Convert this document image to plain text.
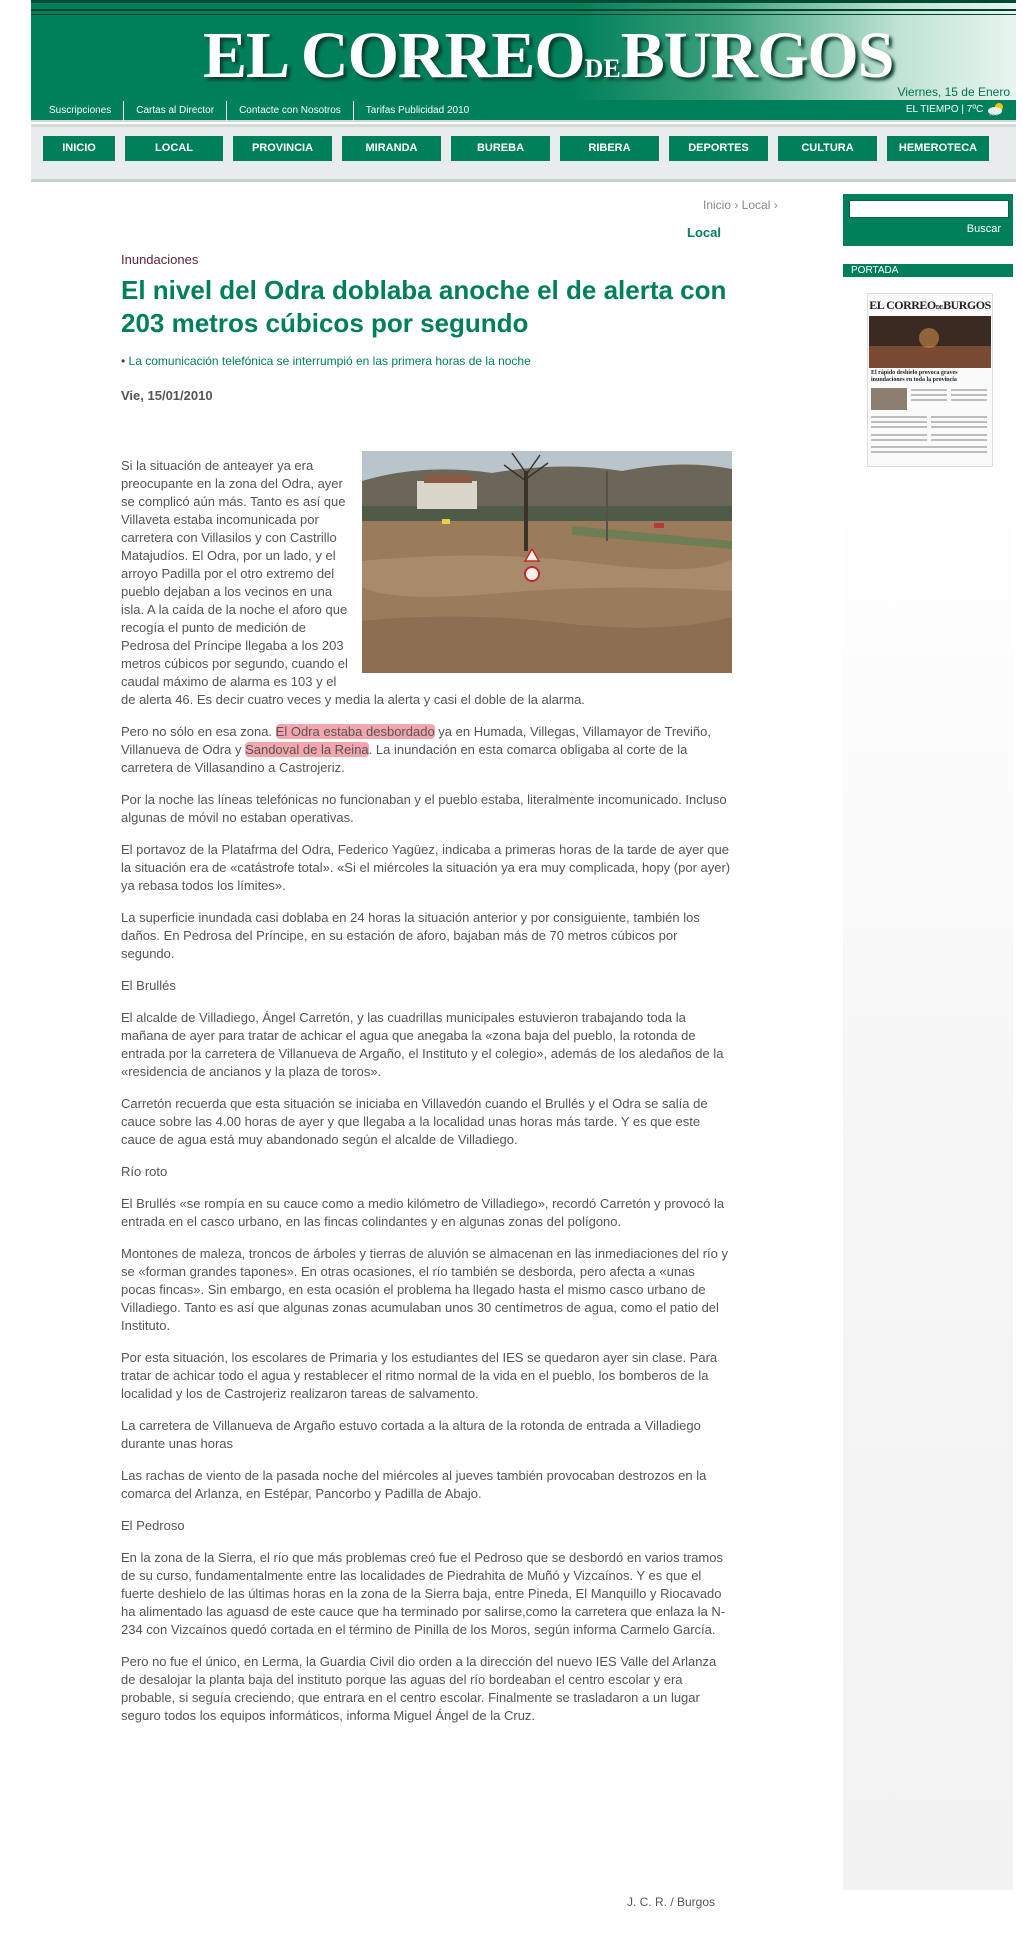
EL CORREODEBURGOS Viernes, 15 de Enero
Suscripciones	Cartas al Director	Contacte con Nosotros	Tarifas Publicidad 2010	EL TIEMPO | 7ºC
INICIO	LOCAL	PROVINCIA	MIRANDA	BUREBA	RIBERA	DEPORTES	CULTURA	HEMEROTECA
Inicio › Local ›
Local
Inundaciones
El nivel del Odra doblaba anoche el de alerta con 203 metros cúbicos por segundo
• La comunicación telefónica se interrumpió en las primera horas de la noche
Vie, 15/01/2010

Si la situación de anteayer ya era preocupante en la zona del Odra, ayer se complicó aún más. Tanto es así que Villaveta estaba incomunicada por carretera con Villasilos y con Castrillo Matajudíos. El Odra, por un lado, y el arroyo Padilla por el otro extremo del pueblo dejaban a los vecinos en una isla. A la caída de la noche el aforo que recogía el punto de medición de Pedrosa del Príncipe llegaba a los 203 metros cúbicos por segundo, cuando el caudal máximo de alarma es 103 y el de alerta 46. Es decir cuatro veces y media la alerta y casi el doble de la alarma.

Pero no sólo en esa zona. El Odra estaba desbordado ya en Humada, Villegas, Villamayor de Treviño, Villanueva de Odra y Sandoval de la Reina. La inundación en esta comarca obligaba al corte de la carretera de Villasandino a Castrojeriz.

Por la noche las líneas telefónicas no funcionaban y el pueblo estaba, literalmente incomunicado. Incluso algunas de móvil no estaban operativas.

El portavoz de la Platafrma del Odra, Federico Yagüez, indicaba a primeras horas de la tarde de ayer que la situación era de «catástrofe total». «Si el miércoles la situación ya era muy complicada, hopy (por ayer) ya rebasa todos los límites».

La superficie inundada casi doblaba en 24 horas la situación anterior y por consiguiente, también los daños. En Pedrosa del Príncipe, en su estación de aforo, bajaban más de 70 metros cúbicos por segundo.

El Brullés

El alcalde de Villadiego, Ángel Carretón, y las cuadrillas municipales estuvieron trabajando toda la mañana de ayer para tratar de achicar el agua que anegaba la «zona baja del pueblo, la rotonda de entrada por la carretera de Villanueva de Argaño, el Instituto y el colegio», además de los aledaños de la «residencia de ancianos y la plaza de toros».

Carretón recuerda que esta situación se iniciaba en Villavedón cuando el Brullés y el Odra se salía de cauce sobre las 4.00 horas de ayer y que llegaba a la localidad unas horas más tarde. Y es que este cauce de agua está muy abandonado según el alcalde de Villadiego.

Río roto

El Brullés «se rompía en su cauce como a medio kilómetro de Villadiego», recordó Carretón y provocó la entrada en el casco urbano, en las fincas colindantes y en algunas zonas del polígono.

Montones de maleza, troncos de árboles y tierras de aluvión se almacenan en las inmediaciones del río y se «forman grandes tapones». En otras ocasiones, el río también se desborda, pero afecta a «unas pocas fincas». Sin embargo, en esta ocasión el problema ha llegado hasta el mismo casco urbano de Villadiego. Tanto es así que algunas zonas acumulaban unos 30 centímetros de agua, como el patio del Instituto.

Por esta situación, los escolares de Primaria y los estudiantes del IES se quedaron ayer sin clase. Para tratar de achicar todo el agua y restablecer el ritmo normal de la vida en el pueblo, los bomberos de la localidad y los de Castrojeriz realizaron tareas de salvamento.

La carretera de Villanueva de Argaño estuvo cortada a la altura de la rotonda de entrada a Villadiego durante unas horas

Las rachas de viento de la pasada noche del miércoles al jueves también provocaban destrozos en la comarca del Arlanza, en Estépar, Pancorbo y Padilla de Abajo.

El Pedroso

En la zona de la Sierra, el río que más problemas creó fue el Pedroso que se desbordó en varios tramos de su curso, fundamentalmente entre las localidades de Piedrahita de Muñó y Vizcaínos. Y es que el fuerte deshielo de las últimas horas en la zona de la Sierra baja, entre Pineda, El Manquillo y Riocavado ha alimentado las aguasd de este cauce que ha terminado por salirse,como la carretera que enlaza la N-234 con Vizcaínos quedó cortada en el término de Pinilla de los Moros, según informa Carmelo García.

Pero no fue el único, en Lerma, la Guardia Civil dio orden a la dirección del nuevo IES Valle del Arlanza de desalojar la planta baja del instituto porque las aguas del río bordeaban el centro escolar y era probable, si seguía creciendo, que entrara en el centro escolar. Finalmente se trasladaron a un lugar seguro todos los equipos informáticos, informa Miguel Ángel de la Cruz.

J. C. R. / Burgos
Buscar
PORTADA
EL CORREODEBURGOS
El rápido deshielo provoca graves inundaciones en toda la provincia
